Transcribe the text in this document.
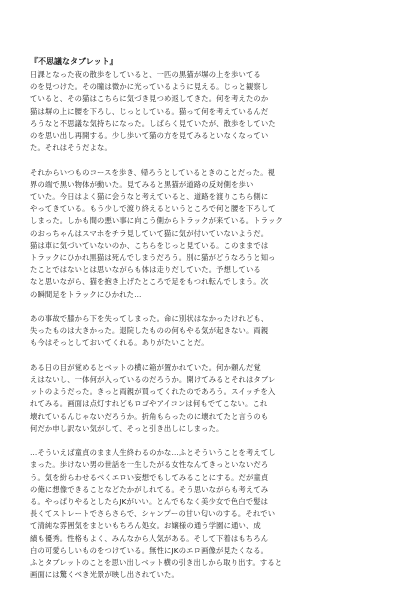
『不思議なタブレット』
日課となった夜の散歩をしていると、一匹の黒猫が塀の上を歩いてる
のを見つけた。その瞳は微かに光っているように見える。じっと観察し
ていると、その猫はこちらに気づき見つめ返してきた。何を考えたのか
猫は塀の上に腰を下ろし、じっとしている。猫って何を考えているんだ
ろうなと不思議な気持ちになった。しばらく見ていたが、散歩をしていた
のを思い出し再開する。少し歩いて猫の方を見てみるといなくなってい
た。それはそうだよな。
それからいつものコースを歩き、帰ろうとしているときのことだった。視
界の端で黒い物体が動いた。見てみると黒猫が道路の反対側を歩い
ていた。今日はよく猫に会うなと考えていると、道路を渡りこちら側に
やってきている。もう少しで渡り終えるというところで何と腰を下ろして
しまった。しかも間の悪い事に向こう側からトラックが来ている。トラック
のおっちゃんはスマホをチラ見していて猫に気が付いていないようだ。
猫は車に気づいていないのか、こちらをじっと見ている。このままでは
トラックにひかれ黒猫は死んでしまうだろう。別に猫がどうなろうと知っ
たことではないとは思いながらも体は走りだしていた。予想している
なと思いながら、猫を抱き上げたところで足をもつれ転んでしまう。次
の瞬間足をトラックにひかれた…
あの事故で膝から下を失ってしまった。命に別状はなかったけれども、
失ったものは大きかった。退院したものの何もやる気が起きない。両親
も今はそっとしておいてくれる。ありがたいことだ。
ある日の目が覚めるとベットの横に箱が置かれていた。何か頼んだ覚
えはないし、一体何が入っているのだろうか。開けてみるとそれはタブレ
ットのようだった。きっと両親が買ってくれたのであろう。スイッチを入
れてみる。画面は点灯すれどもロゴやアイコンは何もでてこない。これ
壊れているんじゃないだろうか。折角もらったのに壊れてたと言うのも
何だか申し訳ない気がして、そっと引き出しにしまった。
…そういえば童貞のまま人生終わるのかな…ふとそういうことを考えてし
まった。歩けない男の世話を一生したがる女性なんてきっといないだろ
う。気を紛らわせるべくエロい妄想でもしてみることにする。だが童貞
の俺に想像できることなどたかがしれてる。そう思いながらも考えてみ
る。やっぱりやるとしたらJKがいい。とんでもなく美少女で色白で髪は
長くてストレートでさらさらで、シャンプーの甘い匂いのする。それでい
て清純な雰囲気をまといもちろん処女。お嬢様の通う学園に通い、成
績も優秀。性格もよく、みんなから人気がある。そして下着はもちろん
白の可愛らしいものをつけている。無性にJKのエロ画像が見たくなる。
ふとタブレットのことを思い出しベット横の引き出しから取り出す。すると
画面には驚くべき光景が映し出されていた。
